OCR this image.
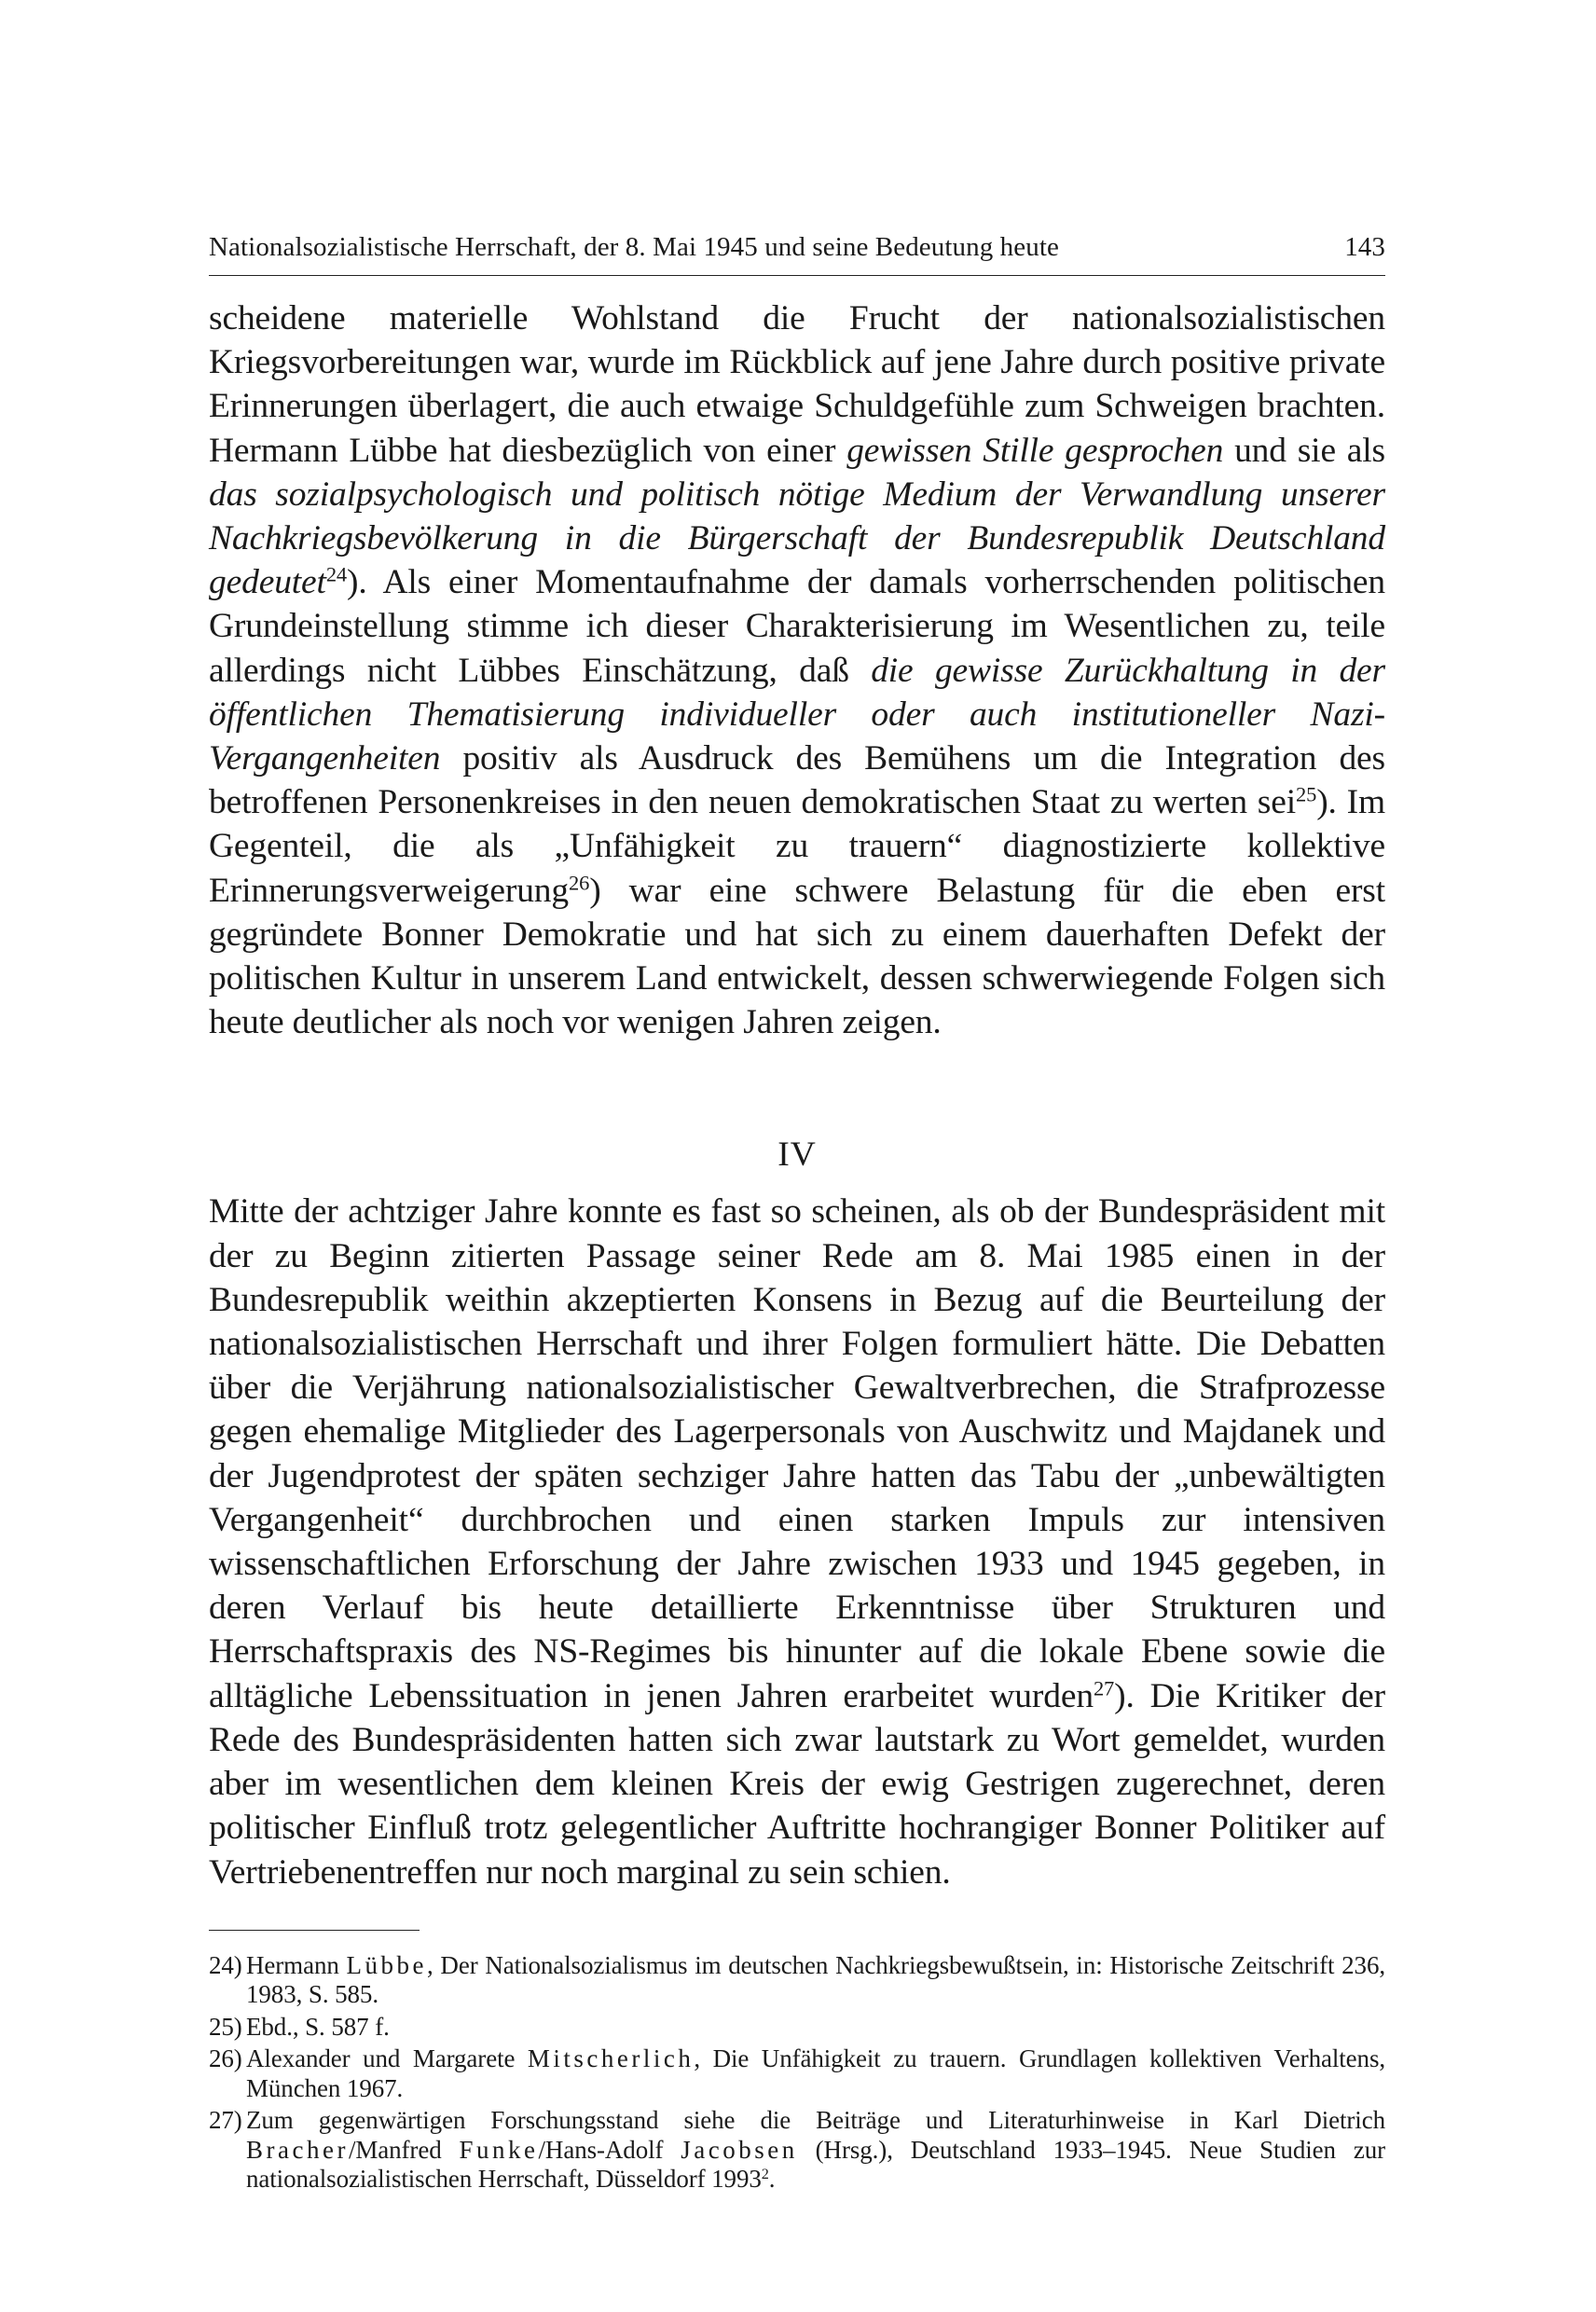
Nationalsozialistische Herrschaft, der 8. Mai 1945 und seine Bedeutung heute	143

scheidene materielle Wohlstand die Frucht der nationalsozialistischen Kriegsvorbereitungen war, wurde im Rückblick auf jene Jahre durch positive private Erinnerungen überlagert, die auch etwaige Schuldgefühle zum Schweigen brachten. Hermann Lübbe hat diesbezüglich von einer gewissen Stille gesprochen und sie als das sozialpsychologisch und politisch nötige Medium der Verwandlung unserer Nachkriegsbevölkerung in die Bürgerschaft der Bundesrepublik Deutschland gedeutet$^{24}$). Als einer Momentaufnahme der damals vorherrschenden politischen Grundeinstellung stimme ich dieser Charakterisierung im Wesentlichen zu, teile allerdings nicht Lübbes Einschätzung, daß die gewisse Zurückhaltung in der öffentlichen Thematisierung individueller oder auch institutioneller Nazi-Vergangenheiten positiv als Ausdruck des Bemühens um die Integration des betroffenen Personenkreises in den neuen demokratischen Staat zu werten sei$^{25}$). Im Gegenteil, die als „Unfähigkeit zu trauern“ diagnostizierte kollektive Erinnerungsverweigerung$^{26}$) war eine schwere Belastung für die eben erst gegründete Bonner Demokratie und hat sich zu einem dauerhaften Defekt der politischen Kultur in unserem Land entwickelt, dessen schwerwiegende Folgen sich heute deutlicher als noch vor wenigen Jahren zeigen.

IV

Mitte der achtziger Jahre konnte es fast so scheinen, als ob der Bundespräsident mit der zu Beginn zitierten Passage seiner Rede am 8. Mai 1985 einen in der Bundesrepublik weithin akzeptierten Konsens in Bezug auf die Beurteilung der nationalsozialistischen Herrschaft und ihrer Folgen formuliert hätte. Die Debatten über die Verjährung nationalsozialistischer Gewaltverbrechen, die Strafprozesse gegen ehemalige Mitglieder des Lagerpersonals von Auschwitz und Majdanek und der Jugendprotest der späten sechziger Jahre hatten das Tabu der „unbewältigten Vergangenheit“ durchbrochen und einen starken Impuls zur intensiven wissenschaftlichen Erforschung der Jahre zwischen 1933 und 1945 gegeben, in deren Verlauf bis heute detaillierte Erkenntnisse über Strukturen und Herrschaftspraxis des NS-Regimes bis hinunter auf die lokale Ebene sowie die alltägliche Lebenssituation in jenen Jahren erarbeitet wurden$^{27}$). Die Kritiker der Rede des Bundespräsidenten hatten sich zwar lautstark zu Wort gemeldet, wurden aber im wesentlichen dem kleinen Kreis der ewig Gestrigen zugerechnet, deren politischer Einfluß trotz gelegentlicher Auftritte hochrangiger Bonner Politiker auf Vertriebenentreffen nur noch marginal zu sein schien.

24) Hermann Lübbe, Der Nationalsozialismus im deutschen Nachkriegsbewußtsein, in: Historische Zeitschrift 236, 1983, S. 585.
25) Ebd., S. 587 f.
26) Alexander und Margarete Mitscherlich, Die Unfähigkeit zu trauern. Grundlagen kollektiven Verhaltens, München 1967.
27) Zum gegenwärtigen Forschungsstand siehe die Beiträge und Literaturhinweise in Karl Dietrich Bracher/Manfred Funke/Hans-Adolf Jacobsen (Hrsg.), Deutschland 1933–1945. Neue Studien zur nationalsozialistischen Herrschaft, Düsseldorf 1993$^2$.
